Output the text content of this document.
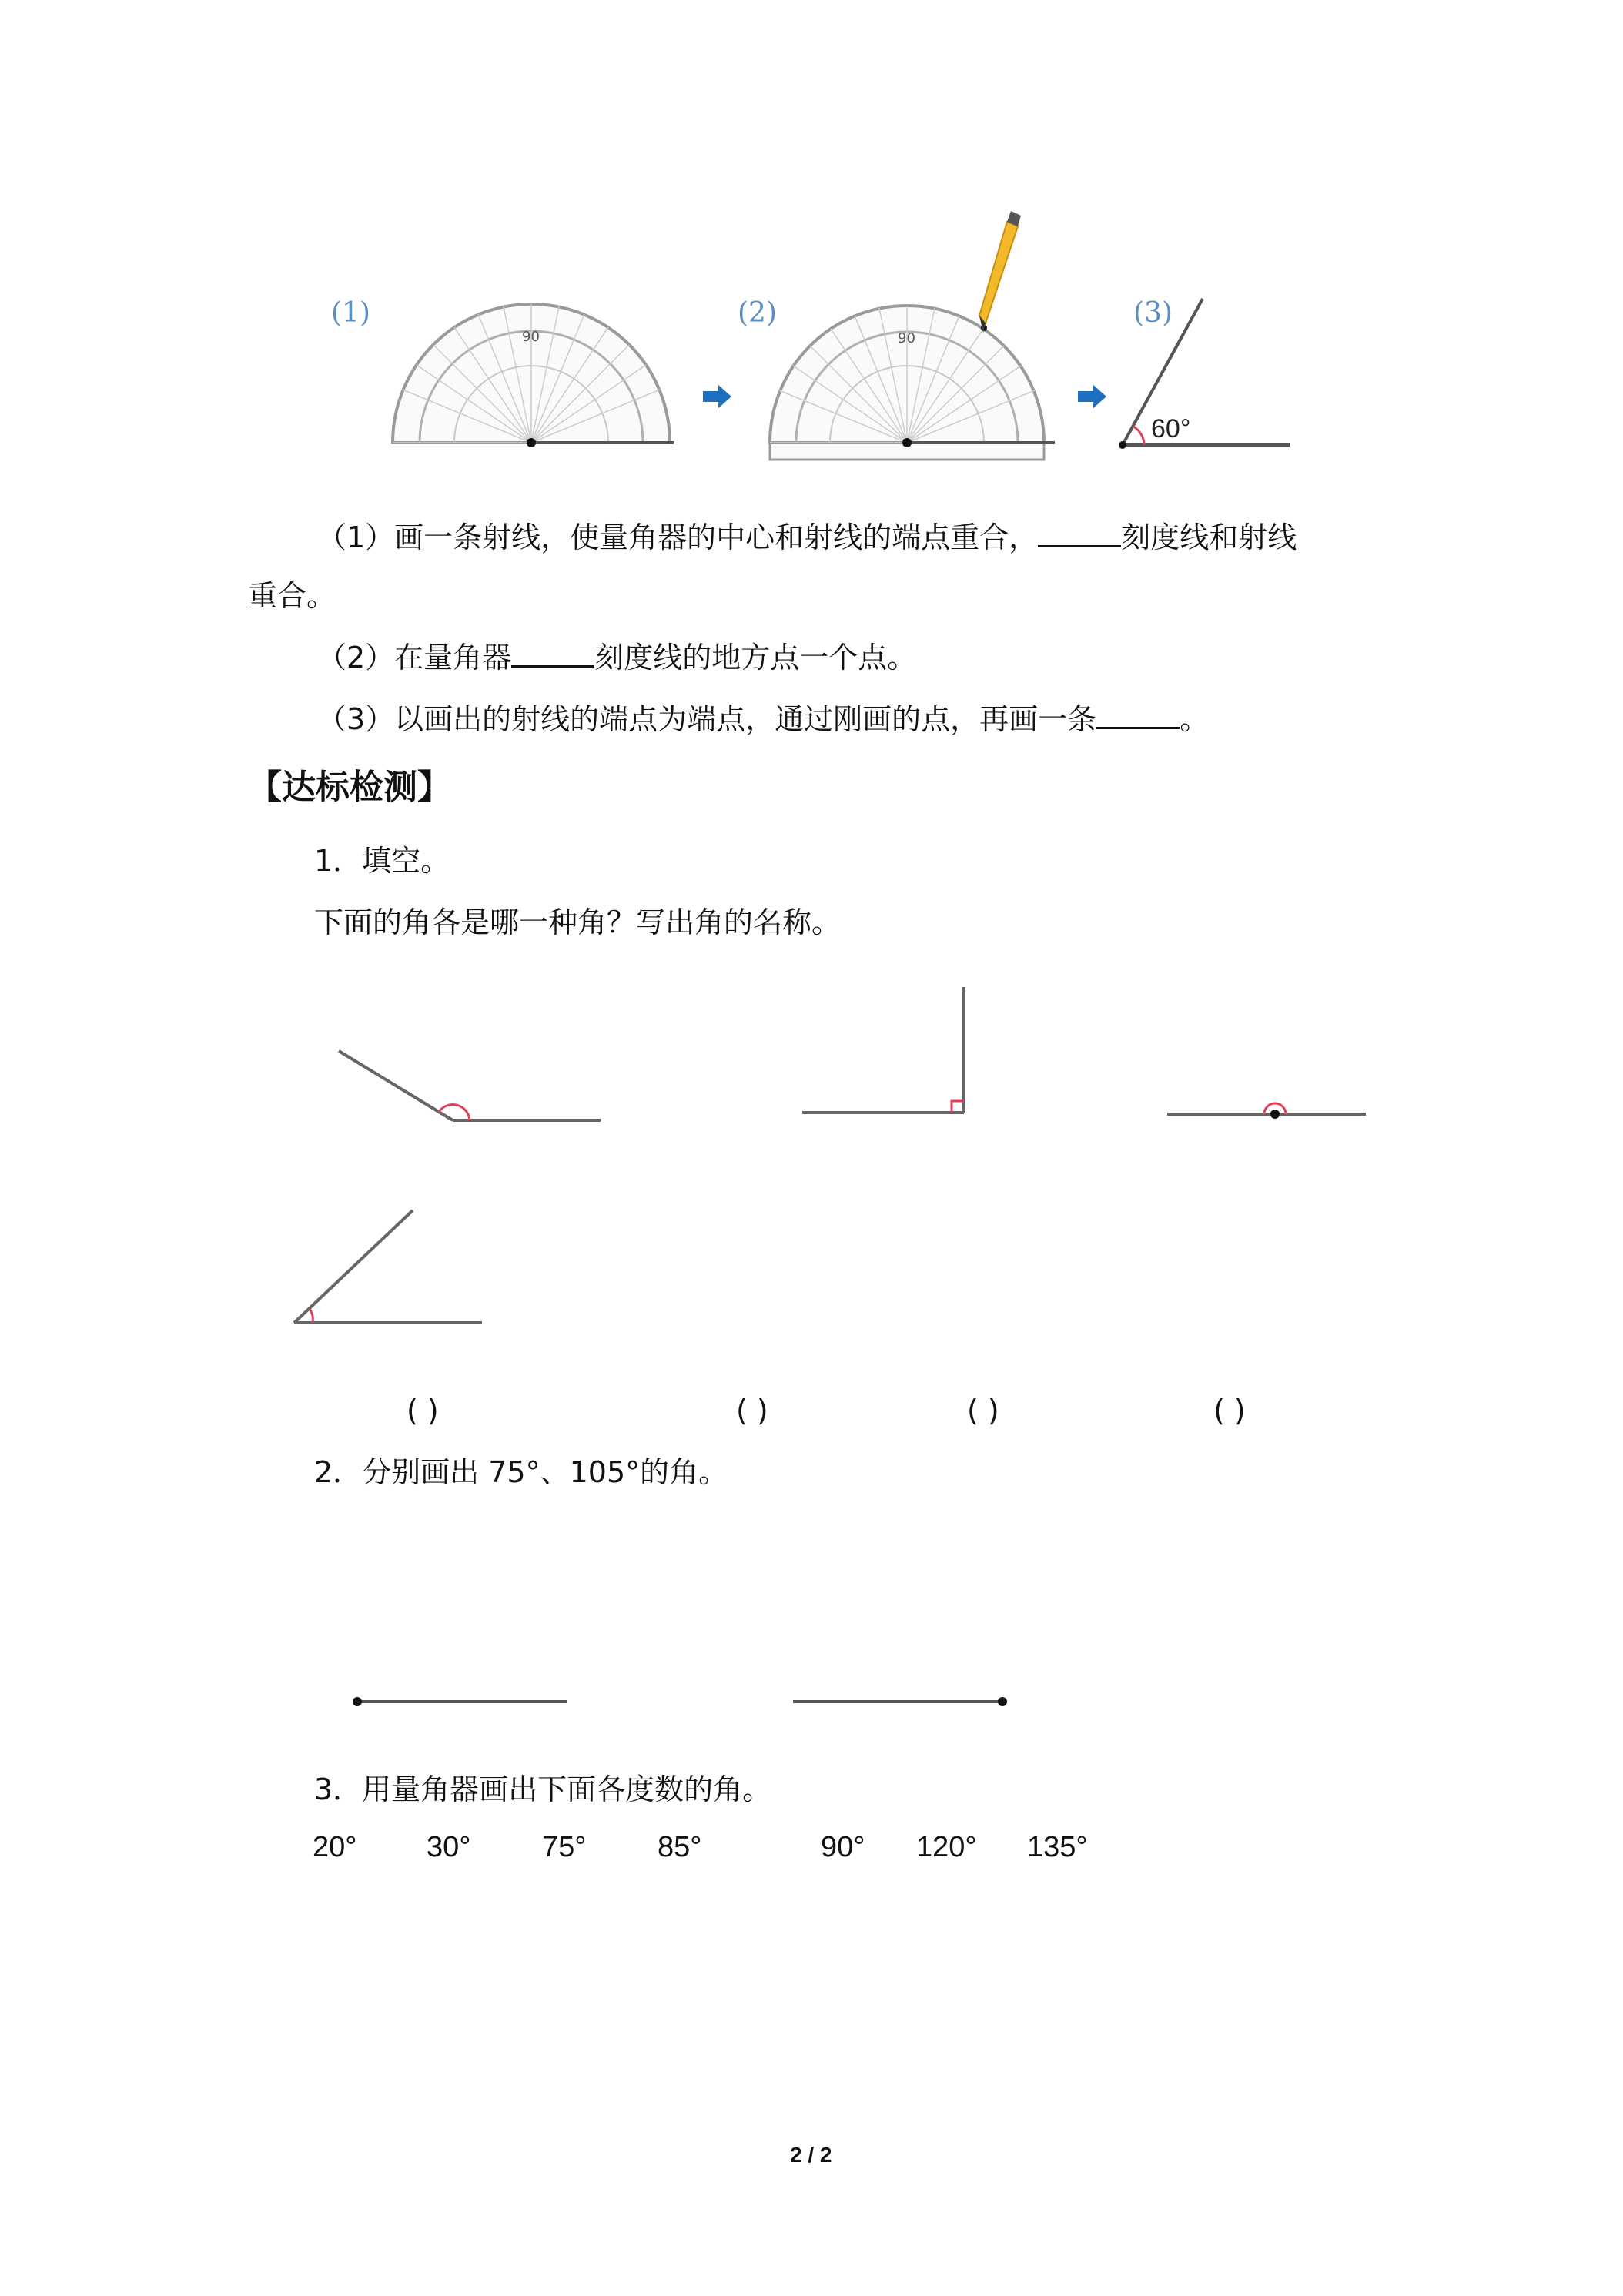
(1)
90
(2)
90
(3)
60°
（1）画一条射线，使量角器的中心和射线的端点重合，	刻度线和射线
重合。
（2）在量角器	刻度线的地方点一个点。
（3）以画出的射线的端点为端点，通过刚画的点，再画一条	。
【达标检测】
1．填空。
下面的角各是哪一种角？写出角的名称。
( )	( )	( )	( )
2．分别画出 75°、105°的角。
3．用量角器画出下面各度数的角。
20° 30° 75° 85°	90° 120° 135°
2 / 2
